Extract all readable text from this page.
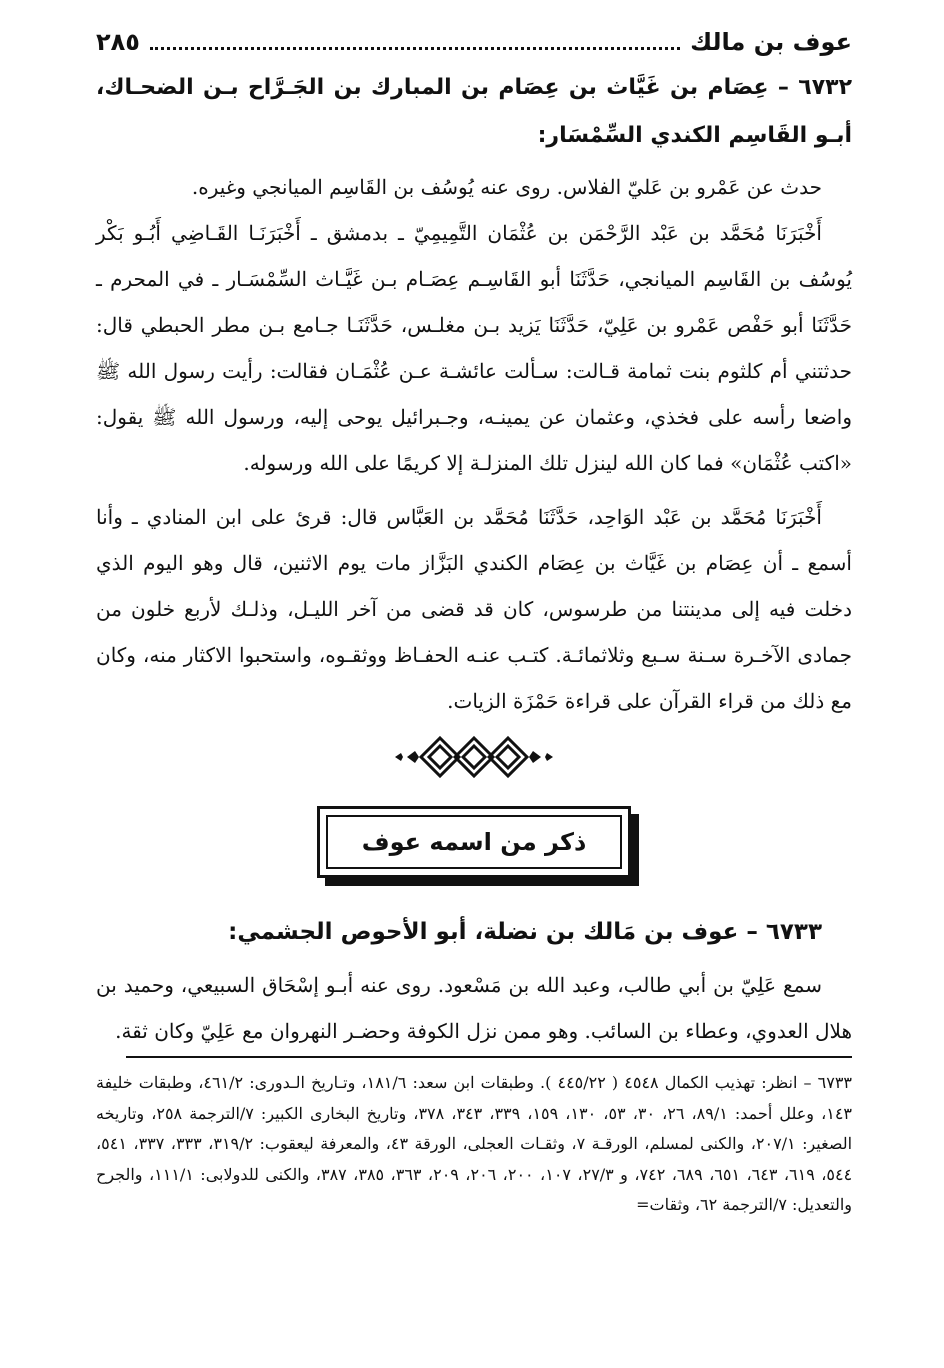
عوف بن مالك
٢٨٥

٦٧٣٢ – عِصَام بن غَيَّاث بن عِصَام بن المبارك بن الجَـرَّاح بـن الضحـاك، أبـو القَاسِم الكندي السِّمْسَار:

حدث عن عَمْرو بن عَليّ الفلاس. روى عنه يُوسُف بن القَاسِم الميانجي وغيره.

أَخْبَرَنَا مُحَمَّد بن عَبْد الرَّحْمَن بن عُثْمَان التَّمِيمِيّ ـ بدمشق ـ أَخْبَرَنَـا القَـاضِي أَبُـو بَكْر يُوسُف بن القَاسِم الميانجي، حَدَّثَنَا أبو القَاسِـم عِصَـام بـن غَيَّـاث السِّمْسَـار ـ في المحرم ـ حَدَّثَنَا أبو حَفْص عَمْرو بن عَلِيّ، حَدَّثَنَا يَزيد بـن مغلـس، حَدَّثَنَـا جـامع بـن مطر الحبطي قال: حدثتني أم كلثوم بنت ثمامة قـالت: سـألت عائشـة عـن عُثْمَـان فقالت: رأيت رسول الله ﷺ واضعا رأسه على فخذي، وعثمان عن يمينـه، وجـبرائيل يوحى إليه، ورسول الله ﷺ يقول: «اكتب عُثْمَان» فما كان الله لينزل تلك المنزلـة إلا كريمًا على الله ورسوله.

أَخْبَرَنَا مُحَمَّد بن عَبْد الوَاحِد، حَدَّثَنَا مُحَمَّد بن العَبَّاس قال: قرئ على ابن المنادي ـ وأنا أسمع ـ أن عِصَام بن غَيَّاث بن عِصَام الكندي البَزَّاز مات يوم الاثنين، قال وهو اليوم الذي دخلت فيه إلى مدينتنا من طرسوس، كان قد قضى من آخر الليـل، وذلـك لأربع خلون من جمادى الآخـرة سـنة سـبع وثلاثمائـة. كتـب عنـه الحفـاظ ووثقـوه، واستحبوا الاكثار منه، وكان مع ذلك من قراء القرآن على قراءة حَمْزَة الزيات.

ذكر من اسمه عوف

٦٧٣٣ – عوف بن مَالك بن نضلة، أبو الأحوص الجشمي:

سمع عَلِيّ بن أبي طالب، وعبد الله بن مَسْعود. روى عنه أبـو إسْحَاق السبيعي، وحميد بن هلال العدوي، وعطاء بن السائب. وهو ممن نزل الكوفة وحضـر النهروان مع عَلِيّ وكان ثقة.

٦٧٣٣ – انظر: تهذيب الكمال ٤٥٤٨ ( ٤٤٥/٢٢ ). وطبقات ابن سعد: ١٨١/٦، وتـاريخ الـدورى: ٤٦١/٢، وطبقات خليفة ١٤٣، وعلل أحمد: ٨٩/١، ٢٦، ٣٠، ٥٣، ١٣٠، ١٥٩، ٣٣٩، ٣٤٣، ٣٧٨، وتاريخ البخارى الكبير: ٧/الترجمة ٢٥٨، وتاريخه الصغير: ٢٠٧/١، والكنى لمسلم، الورقـة ٧، وثقـات العجلى، الورقة ٤٣، والمعرفة ليعقوب: ٣١٩/٢، ٣٣٣، ٣٣٧، ٥٤١، ٥٤٤، ٦١٩، ٦٤٣، ٦٥١، ٦٨٩، ٧٤٢، و ٢٧/٣، ١٠٧، ٢٠٠، ٢٠٦، ٢٠٩، ٣٦٣، ٣٨٥، ٣٨٧، والكنى للدولابى: ١١١/١، والجرح والتعديل: ٧/الترجمة ٦٢، وثقات=
